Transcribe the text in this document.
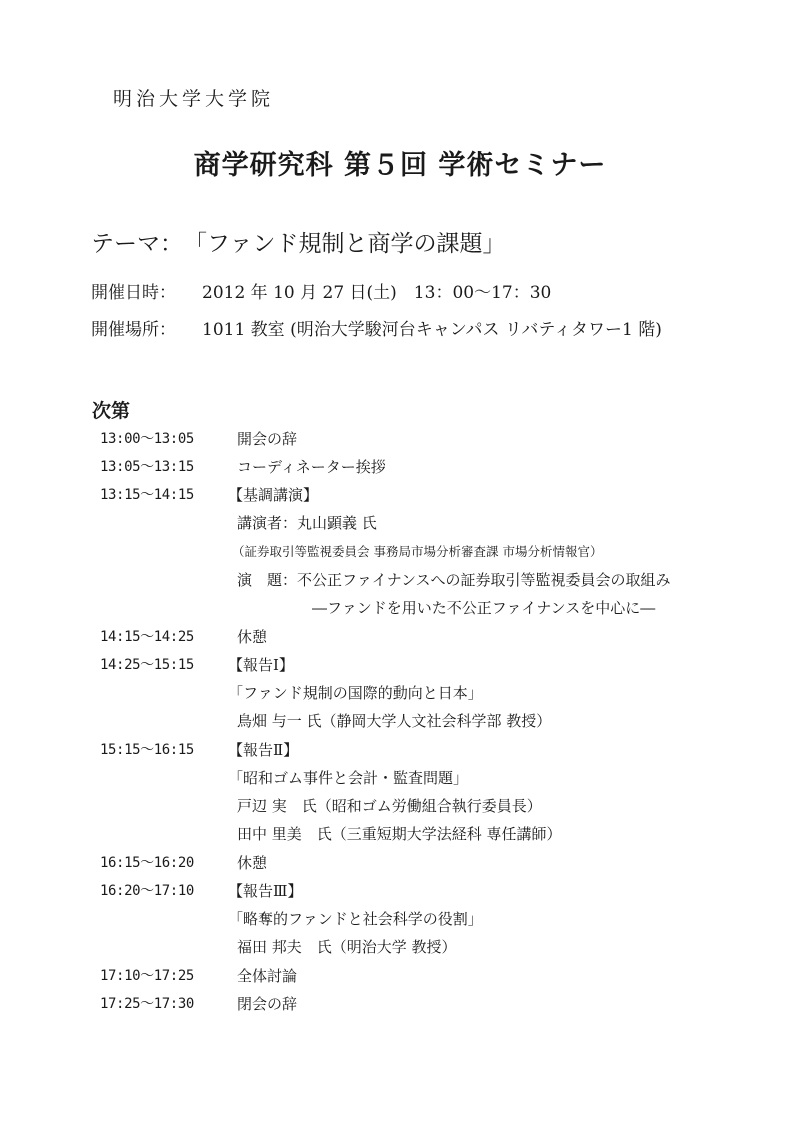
明治大学大学院
商学研究科 第５回 学術セミナー
テーマ：「ファンド規制と商学の課題」
開催日時： 2012 年 10 月 27 日(土)　13：00～17：30
開催場所： 1011 教室 (明治大学駿河台キャンパス リバティタワー1 階)
次第
13:00～13:05	開会の辞
13:05～13:15	コーディネーター挨拶
13:15～14:15	【基調講演】
講演者：丸山顕義 氏
（証券取引等監視委員会 事務局市場分析審査課 市場分析情報官）
演　題：不公正ファイナンスへの証券取引等監視委員会の取組み
―ファンドを用いた不公正ファイナンスを中心に―
14:15～14:25	休憩
14:25～15:15	【報告Ⅰ】
「ファンド規制の国際的動向と日本」
鳥畑 与一 氏（静岡大学人文社会科学部 教授）
15:15～16:15	【報告Ⅱ】
「昭和ゴム事件と会計・監査問題」
戸辺 実　氏（昭和ゴム労働組合執行委員長）
田中 里美　氏（三重短期大学法経科 専任講師）
16:15～16:20	休憩
16:20～17:10	【報告Ⅲ】
「略奪的ファンドと社会科学の役割」
福田 邦夫　氏（明治大学 教授）
17:10～17:25	全体討論
17:25～17:30	閉会の辞
